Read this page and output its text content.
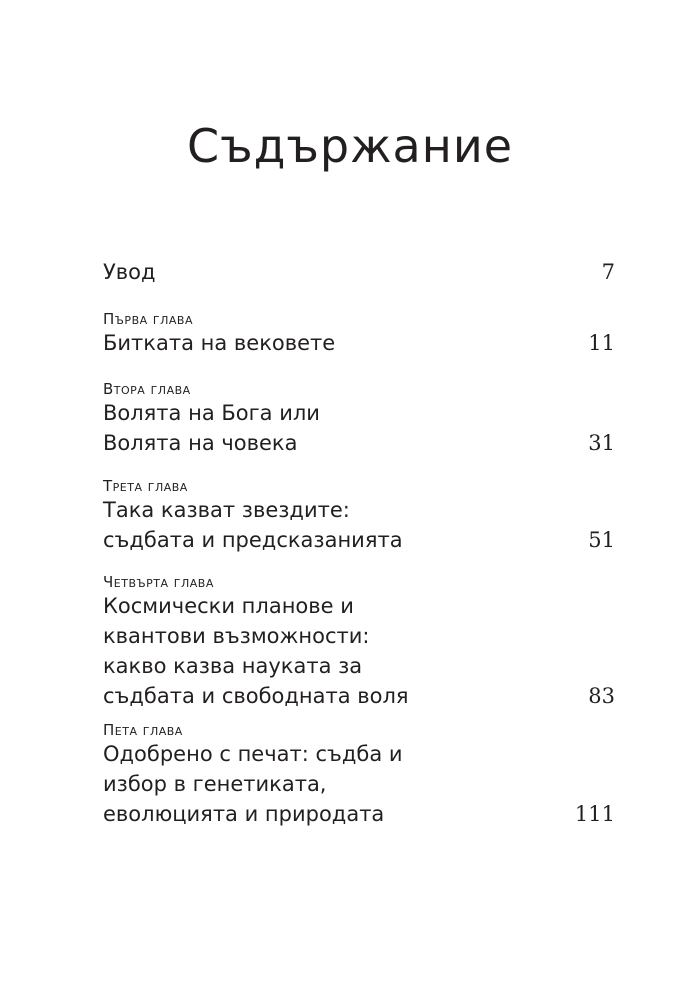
Съдържание
Увод	7
Първа глава
Битката на вековете	11
Втора глава
Волята на Бога или
Волята на човека	31
Трета глава
Така казват звездите:
съдбата и предсказанията	51
Четвърта глава
Космически планове и
квантови възможности:
какво казва науката за
съдбата и свободната воля	83
Пета глава
Одобрено с печат: съдба и
избор в генетиката,
еволюцията и природата	111
